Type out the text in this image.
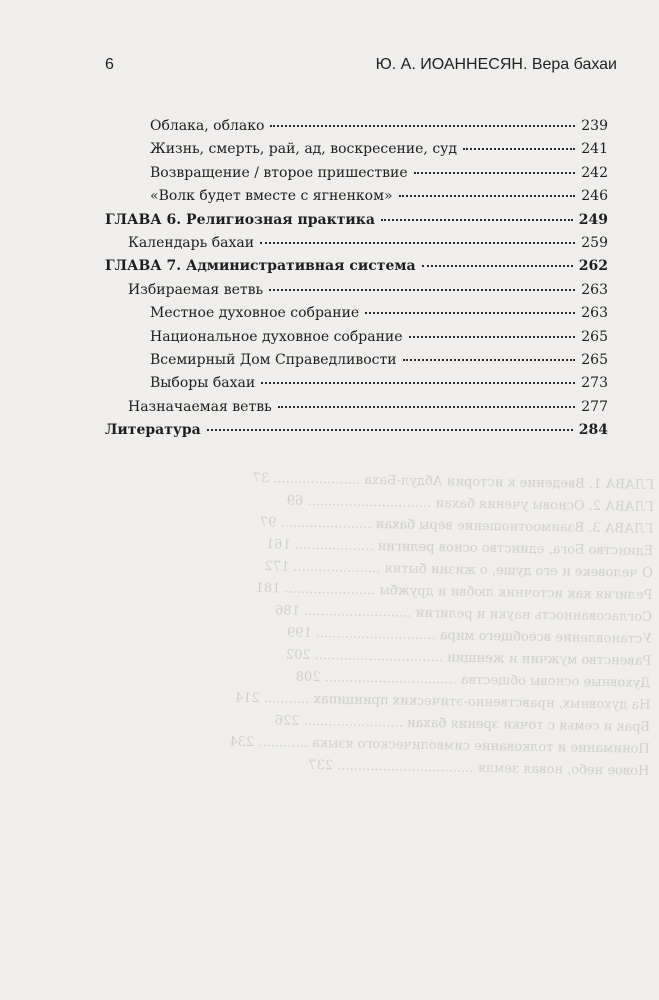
ГЛАВА 1. Введение к истории Абдул-Баха ..................... 37
ГЛАВА 2. Основы учения бахаи .............................. 69
ГЛАВА 3. Взаимоотношение веры бахаи ...................... 97
Единство Бога, единство основ религии ................... 161
О человеке и его душе, о жизни бытия ..................... 172
Религия как источник любви и дружбы ...................... 181
Согласованность науки и религии .......................... 186
Установление всеобщего мира ............................. 199
Равенство мужчин и женщин ............................... 202
Духовные основы общества ................................ 208
На духовных, нравственно-этических принципах ........... 214
Брак и семья с точки зрения бахаи ........................ 226
Понимание и толкование символического языка ............ 234
Новое небо, новая земля ................................. 237
6	Ю. А. ИОАННЕСЯН. Вера бахаи
Облака, облако	239
Жизнь, смерть, рай, ад, воскресение, суд	241
Возвращение / второе пришествие	242
«Волк будет вместе с ягненком»	246
ГЛАВА 6. Религиозная практика	249
Календарь бахаи	259
ГЛАВА 7. Административная система	262
Избираемая ветвь	263
Местное духовное собрание	263
Национальное духовное собрание	265
Всемирный Дом Справедливости	265
Выборы бахаи	273
Назначаемая ветвь	277
Литература	284
